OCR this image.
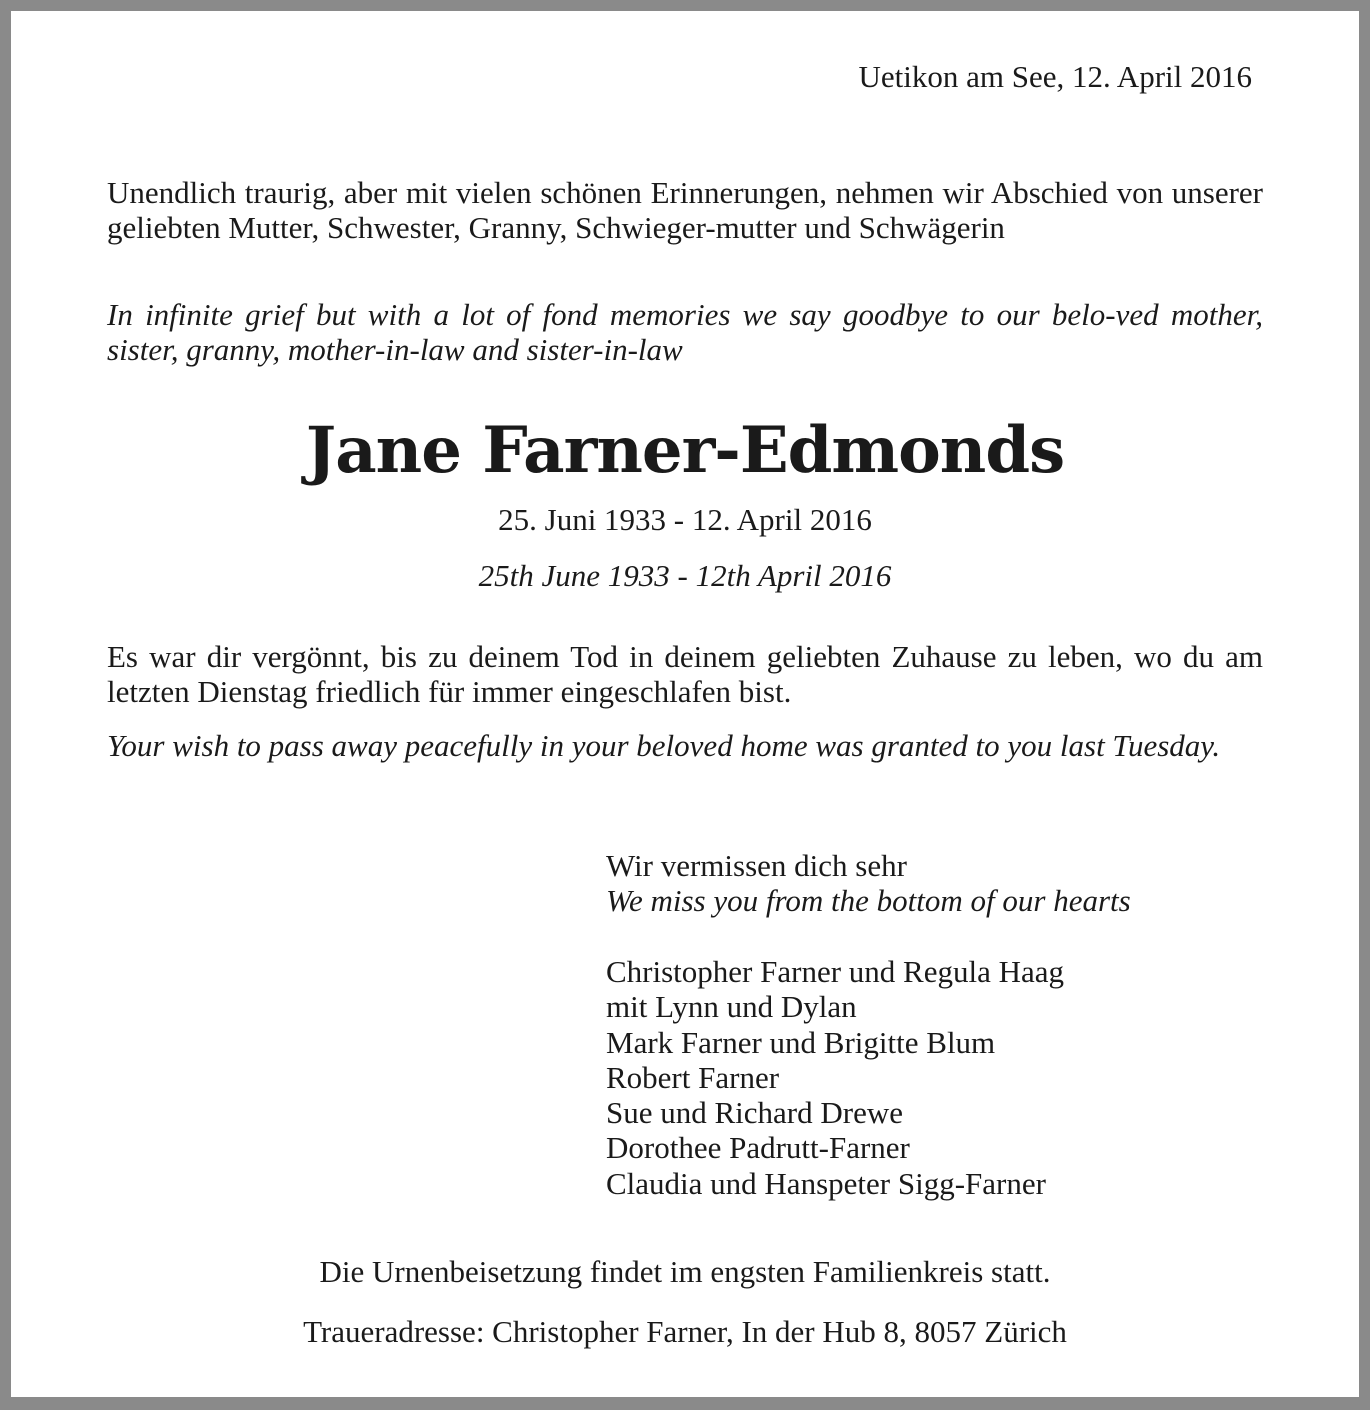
Uetikon am See, 12. April 2016

Unendlich traurig, aber mit vielen schönen Erinnerungen, nehmen wir Abschied von unserer geliebten Mutter, Schwester, Granny, Schwieger-mutter und Schwägerin

In infinite grief but with a lot of fond memories we say goodbye to our belo-ved mother, sister, granny, mother-in-law and sister-in-law

Jane Farner-Edmonds

25. Juni 1933 - 12. April 2016

25th June 1933 - 12th April 2016

Es war dir vergönnt, bis zu deinem Tod in deinem geliebten Zuhause zu leben, wo du am letzten Dienstag friedlich für immer eingeschlafen bist.

Your wish to pass away peacefully in your beloved home was granted to you last Tuesday.

Wir vermissen dich sehr

We miss you from the bottom of our hearts

Christopher Farner und Regula Haag
mit Lynn und Dylan
Mark Farner und Brigitte Blum
Robert Farner
Sue und Richard Drewe
Dorothee Padrutt-Farner
Claudia und Hanspeter Sigg-Farner

Die Urnenbeisetzung findet im engsten Familienkreis statt.

Traueradresse: Christopher Farner, In der Hub 8, 8057 Zürich
